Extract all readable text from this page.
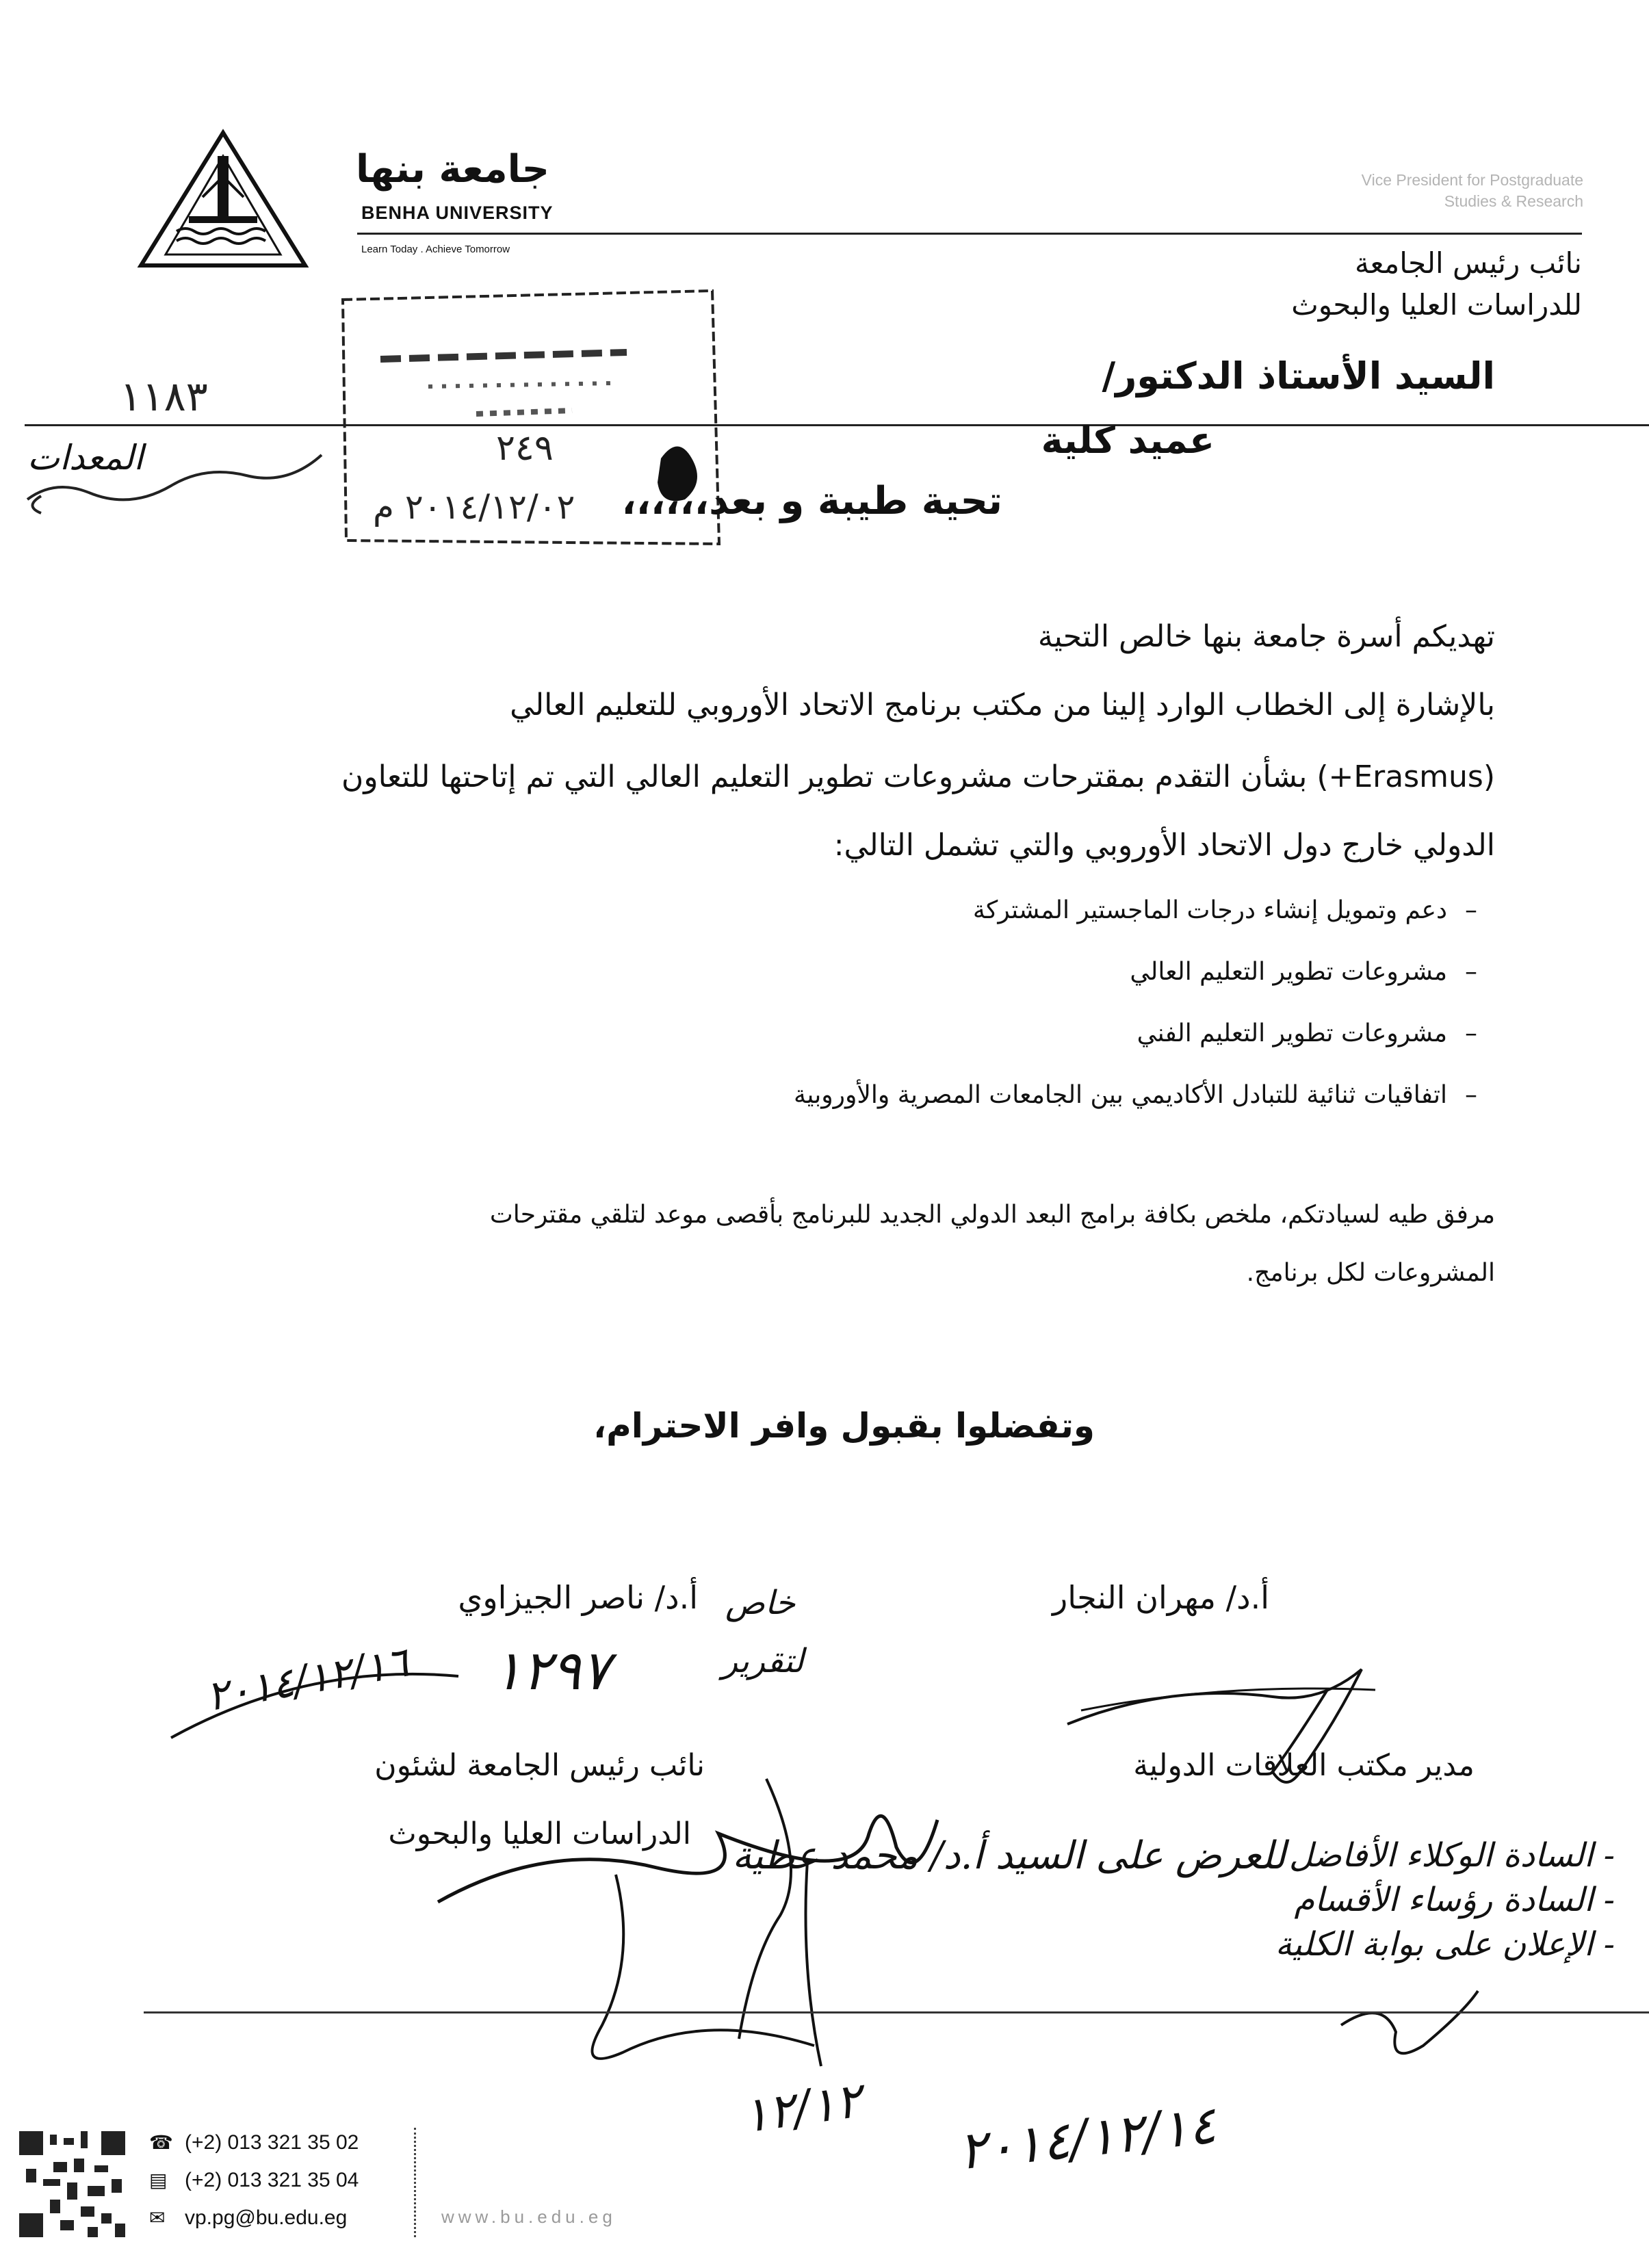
جامعة بنها
BENHA UNIVERSITY
Learn Today . Achieve Tomorrow
Vice President for Postgraduate
Studies & Research
نائب رئيس الجامعة
للدراسات العليا والبحوث
٢٤٩
٢٠١٤/١٢/٠٢ م
١١٨٣
المعدات
السيد الأستاذ الدكتور/
عميد كلية
تحية طيبة و بعد،،،،،،
تهديكم أسرة جامعة بنها خالص التحية
بالإشارة إلى الخطاب الوارد إلينا من مكتب برنامج الاتحاد الأوروبي للتعليم العالي
(Erasmus+) بشأن التقدم بمقترحات مشروعات تطوير التعليم العالي التي تم إتاحتها للتعاون
الدولي خارج دول الاتحاد الأوروبي والتي تشمل التالي:
–دعم وتمويل إنشاء درجات الماجستير المشتركة
–مشروعات تطوير التعليم العالي
–مشروعات تطوير التعليم الفني
–اتفاقيات ثنائية للتبادل الأكاديمي بين الجامعات المصرية والأوروبية
مرفق طيه لسيادتكم، ملخص بكافة برامج البعد الدولي الجديد للبرنامج بأقصى موعد لتلقي مقترحات
المشروعات لكل برنامج.
وتفضلوا بقبول وافر الاحترام،
أ.د/ ناصر الجيزاوي	أ.د/ مهران النجار
نائب رئيس الجامعة لشئون
الدراسات العليا والبحوث
مدير مكتب العلاقات الدولية
خاص
لتقرير
٢٠١٤/١٢/١٦ ١٢٩٧
للعرض على السيد أ.د/ محمد عطية - السادة الوكلاء الأفاضل
- السادة رؤساء الأقسام
- الإعلان على بوابة الكلية
١٢/١٢ ٢٠١٤/١٢/١٤
☎ (+2) 013 321 35 02
▤ (+2) 013 321 35 04
✉ vp.pg@bu.edu.eg	www.bu.edu.eg
